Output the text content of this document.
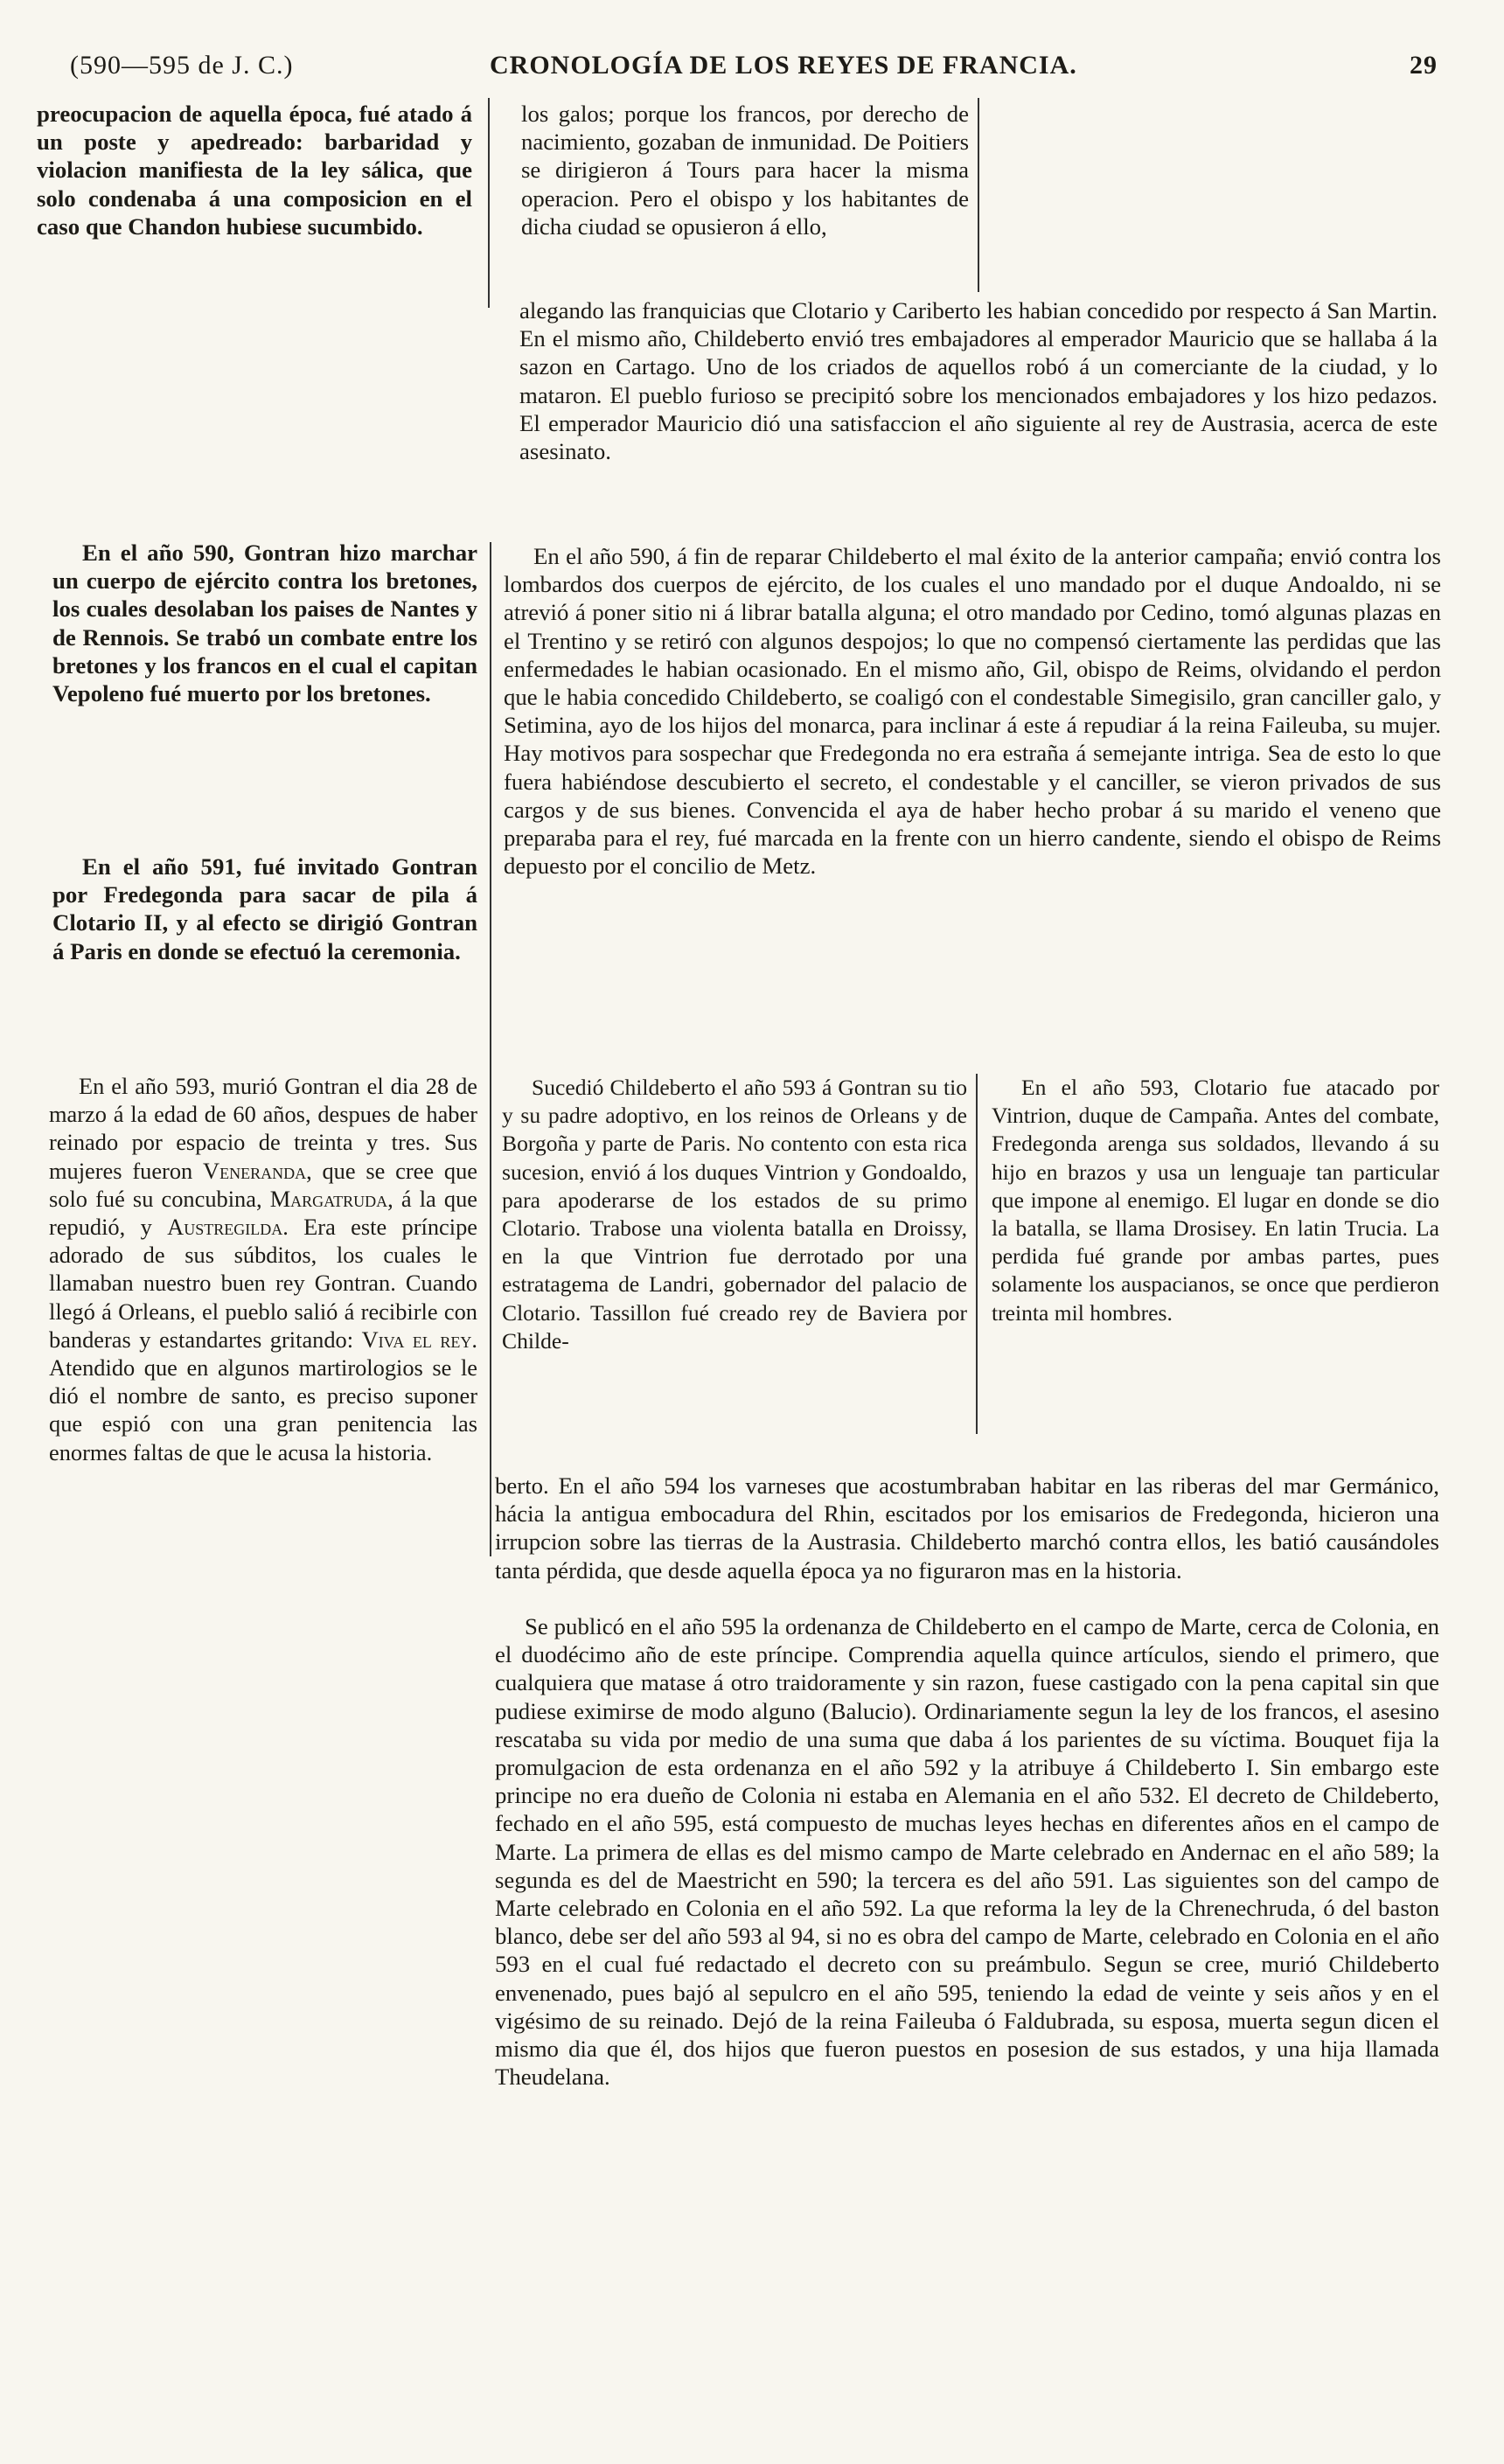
(590—595 de J. C.)	CRONOLOGÍA DE LOS REYES DE FRANCIA.	29

preocupacion de aquella época, fué atado á un poste y apedreado: barbaridad y violacion manifiesta de la ley sálica, que solo condenaba á una composicion en el caso que Chandon hubiese sucumbido.

En el año 590, Gontran hizo marchar un cuerpo de ejército contra los bretones, los cuales desolaban los paises de Nantes y de Rennois. Se trabó un combate entre los bretones y los francos en el cual el capitan Vepoleno fué muerto por los bretones.

En el año 591, fué invitado Gontran por Fredegonda para sacar de pila á Clotario II, y al efecto se dirigió Gontran á Paris en donde se efectuó la ceremonia.

En el año 593, murió Gontran el dia 28 de marzo á la edad de 60 años, despues de haber reinado por espacio de treinta y tres. Sus mujeres fueron Veneranda, que se cree que solo fué su concubina, Margatruda, á la que repudió, y Austregilda. Era este príncipe adorado de sus súbditos, los cuales le llamaban nuestro buen rey Gontran. Cuando llegó á Orleans, el pueblo salió á recibirle con banderas y estandartes gritando: Viva el rey. Atendido que en algunos martirologios se le dió el nombre de santo, es preciso suponer que espió con una gran penitencia las enormes faltas de que le acusa la historia.

los galos; porque los francos, por derecho de nacimiento, gozaban de inmunidad. De Poitiers se dirigieron á Tours para hacer la misma operacion. Pero el obispo y los habitantes de dicha ciudad se opusieron á ello,

alegando las franquicias que Clotario y Cariberto les habian concedido por respecto á San Martin. En el mismo año, Childeberto envió tres embajadores al emperador Mauricio que se hallaba á la sazon en Cartago. Uno de los criados de aquellos robó á un comerciante de la ciudad, y lo mataron. El pueblo furioso se precipitó sobre los mencionados embajadores y los hizo pedazos. El emperador Mauricio dió una satisfaccion el año siguiente al rey de Austrasia, acerca de este asesinato.

En el año 590, á fin de reparar Childeberto el mal éxito de la anterior campaña; envió contra los lombardos dos cuerpos de ejército, de los cuales el uno mandado por el duque Andoaldo, ni se atrevió á poner sitio ni á librar batalla alguna; el otro mandado por Cedino, tomó algunas plazas en el Trentino y se retiró con algunos despojos; lo que no compensó ciertamente las perdidas que las enfermedades le habian ocasionado. En el mismo año, Gil, obispo de Reims, olvidando el perdon que le habia concedido Childeberto, se coaligó con el condestable Simegisilo, gran canciller galo, y Setimina, ayo de los hijos del monarca, para inclinar á este á repudiar á la reina Faileuba, su mujer. Hay motivos para sospechar que Fredegonda no era estraña á semejante intriga. Sea de esto lo que fuera habiéndose descubierto el secreto, el condestable y el canciller, se vieron privados de sus cargos y de sus bienes. Convencida el aya de haber hecho probar á su marido el veneno que preparaba para el rey, fué marcada en la frente con un hierro candente, siendo el obispo de Reims depuesto por el concilio de Metz.

Sucedió Childeberto el año 593 á Gontran su tio y su padre adoptivo, en los reinos de Orleans y de Borgoña y parte de Paris. No contento con esta rica sucesion, envió á los duques Vintrion y Gondoaldo, para apoderarse de los estados de su primo Clotario. Trabose una violenta batalla en Droissy, en la que Vintrion fue derrotado por una estratagema de Landri, gobernador del palacio de Clotario. Tassillon fué creado rey de Baviera por Childe-

En el año 593, Clotario fue atacado por Vintrion, duque de Campaña. Antes del combate, Fredegonda arenga sus soldados, llevando á su hijo en brazos y usa un lenguaje tan particular que impone al enemigo. El lugar en donde se dio la batalla, se llama Drosisey. En latin Trucia. La perdida fué grande por ambas partes, pues solamente los auspacianos, se once que perdieron treinta mil hombres.

berto. En el año 594 los varneses que acostumbraban habitar en las riberas del mar Germánico, hácia la antigua embocadura del Rhin, escitados por los emisarios de Fredegonda, hicieron una irrupcion sobre las tierras de la Austrasia. Childeberto marchó contra ellos, les batió causándoles tanta pérdida, que desde aquella época ya no figuraron mas en la historia.

Se publicó en el año 595 la ordenanza de Childeberto en el campo de Marte, cerca de Colonia, en el duodécimo año de este príncipe. Comprendia aquella quince artículos, siendo el primero, que cualquiera que matase á otro traidoramente y sin razon, fuese castigado con la pena capital sin que pudiese eximirse de modo alguno (Balucio). Ordinariamente segun la ley de los francos, el asesino rescataba su vida por medio de una suma que daba á los parientes de su víctima. Bouquet fija la promulgacion de esta ordenanza en el año 592 y la atribuye á Childeberto I. Sin embargo este principe no era dueño de Colonia ni estaba en Alemania en el año 532. El decreto de Childeberto, fechado en el año 595, está compuesto de muchas leyes hechas en diferentes años en el campo de Marte. La primera de ellas es del mismo campo de Marte celebrado en Andernac en el año 589; la segunda es del de Maestricht en 590; la tercera es del año 591. Las siguientes son del campo de Marte celebrado en Colonia en el año 592. La que reforma la ley de la Chrenechruda, ó del baston blanco, debe ser del año 593 al 94, si no es obra del campo de Marte, celebrado en Colonia en el año 593 en el cual fué redactado el decreto con su preámbulo. Segun se cree, murió Childeberto envenenado, pues bajó al sepulcro en el año 595, teniendo la edad de veinte y seis años y en el vigésimo de su reinado. Dejó de la reina Faileuba ó Faldubrada, su esposa, muerta segun dicen el mismo dia que él, dos hijos que fueron puestos en posesion de sus estados, y una hija llamada Theudelana.
